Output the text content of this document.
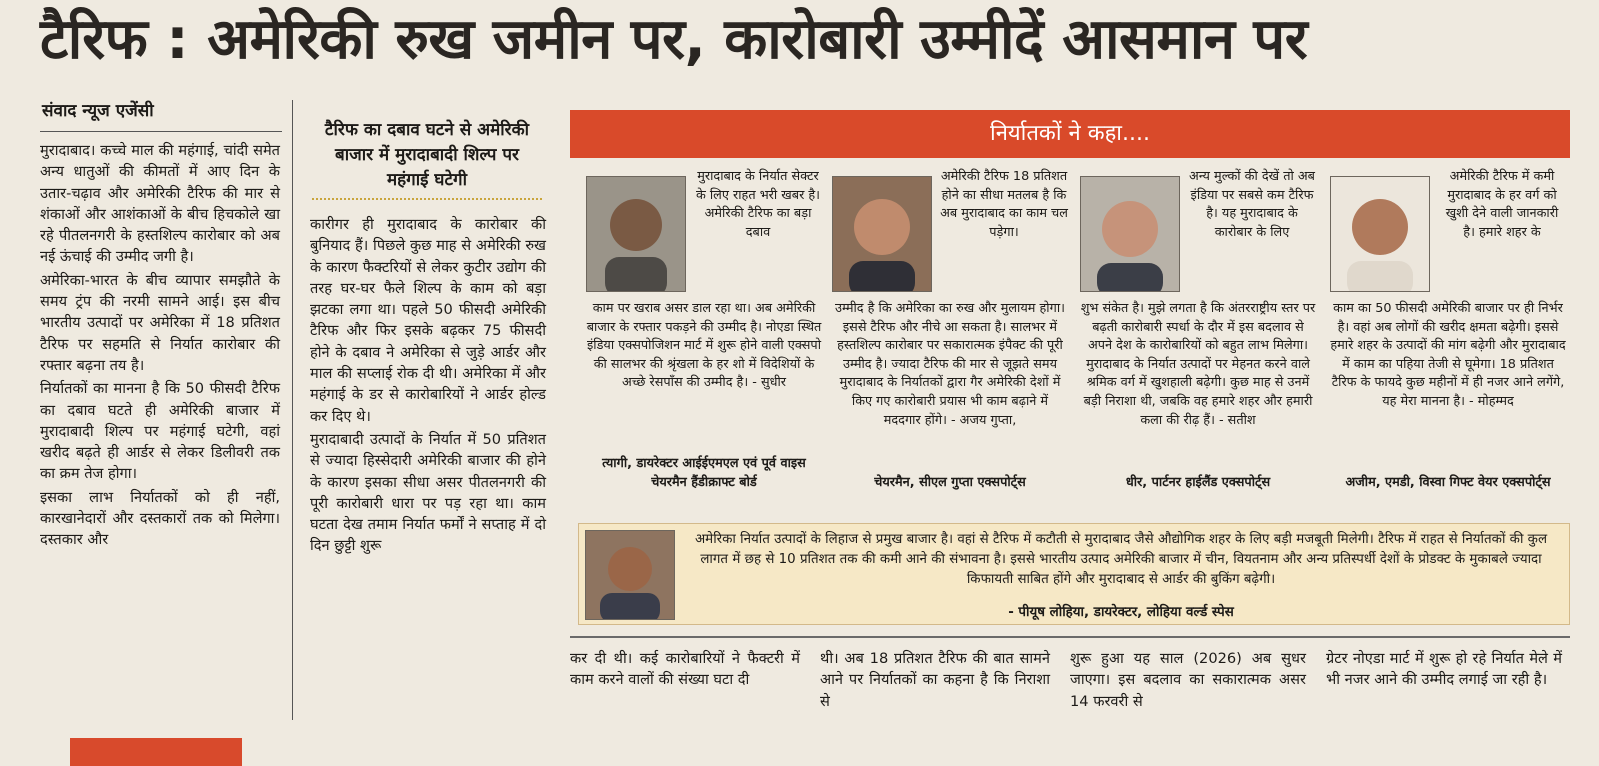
टैरिफ : अमेरिकी रुख जमीन पर, कारोबारी उम्मीदें आसमान पर
संवाद न्यूज एजेंसी

मुरादाबाद। कच्चे माल की महंगाई, चांदी समेत अन्य धातुओं की कीमतों में आए दिन के उतार-चढ़ाव और अमेरिकी टैरिफ की मार से शंकाओं और आशंकाओं के बीच हिचकोले खा रहे पीतलनगरी के हस्तशिल्प कारोबार को अब नई ऊंचाई की उम्मीद जगी है।

अमेरिका-भारत के बीच व्यापार समझौते के समय ट्रंप की नरमी सामने आई। इस बीच भारतीय उत्पादों पर अमेरिका में 18 प्रतिशत टैरिफ पर सहमति से निर्यात कारोबार की रफ्तार बढ़ना तय है।

निर्यातकों का मानना है कि 50 फीसदी टैरिफ का दबाव घटते ही अमेरिकी बाजार में मुरादाबादी शिल्प पर महंगाई घटेगी, वहां खरीद बढ़ते ही आर्डर से लेकर डिलीवरी तक का क्रम तेज होगा।

इसका लाभ निर्यातकों को ही नहीं, कारखानेदारों और दस्तकारों तक को मिलेगा। दस्तकार और

टैरिफ का दबाव घटने से अमेरिकी बाजार में मुरादाबादी शिल्प पर महंगाई घटेगी

कारीगर ही मुरादाबाद के कारोबार की बुनियाद हैं। पिछले कुछ माह से अमेरिकी रुख के कारण फैक्टरियों से लेकर कुटीर उद्योग की तरह घर-घर फैले शिल्प के काम को बड़ा झटका लगा था। पहले 50 फीसदी अमेरिकी टैरिफ और फिर इसके बढ़कर 75 फीसदी होने के दबाव ने अमेरिका से जुड़े आर्डर और माल की सप्लाई रोक दी थी। अमेरिका में और महंगाई के डर से कारोबारियों ने आर्डर होल्ड कर दिए थे।

मुरादाबादी उत्पादों के निर्यात में 50 प्रतिशत से ज्यादा हिस्सेदारी अमेरिकी बाजार की होने के कारण इसका सीधा असर पीतलनगरी की पूरी कारोबारी धारा पर पड़ रहा था। काम घटता देख तमाम निर्यात फर्मों ने सप्ताह में दो दिन छुट्टी शुरू

निर्यातकों ने कहा....
मुरादाबाद के निर्यात सेक्टर के लिए राहत भरी खबर है। अमेरिकी टैरिफ का बड़ा दबाव
काम पर खराब असर डाल रहा था। अब अमेरिकी बाजार के रफ्तार पकड़ने की उम्मीद है। नोएडा स्थित इंडिया एक्सपोजिशन मार्ट में शुरू होने वाली एक्सपो की सालभर की श्रृंखला के हर शो में विदेशियों के अच्छे रेसपॉंस की उम्मीद है। - सुधीर
त्यागी, डायरेक्टर आईईएमएल एवं पूर्व वाइस चेयरमैन हैंडीक्राफ्ट बोर्ड
अमेरिकी टैरिफ 18 प्रतिशत होने का सीधा मतलब है कि अब मुरादाबाद का काम चल पड़ेगा।
उम्मीद है कि अमेरिका का रुख और मुलायम होगा। इससे टैरिफ और नीचे आ सकता है। सालभर में हस्तशिल्प कारोबार पर सकारात्मक इंपैक्ट की पूरी उम्मीद है। ज्यादा टैरिफ की मार से जूझते समय मुरादाबाद के निर्यातकों द्वारा गैर अमेरिकी देशों में किए गए कारोबारी प्रयास भी काम बढ़ाने में मददगार होंगे। - अजय गुप्ता,
चेयरमैन, सीएल गुप्ता एक्सपोर्ट्स
अन्य मुल्कों की देखें तो अब इंडिया पर सबसे कम टैरिफ है। यह मुरादाबाद के कारोबार के लिए
शुभ संकेत है। मुझे लगता है कि अंतरराष्ट्रीय स्तर पर बढ़ती कारोबारी स्पर्धा के दौर में इस बदलाव से अपने देश के कारोबारियों को बहुत लाभ मिलेगा। मुरादाबाद के निर्यात उत्पादों पर मेहनत करने वाले श्रमिक वर्ग में खुशहाली बढ़ेगी। कुछ माह से उनमें बड़ी निराशा थी, जबकि वह हमारे शहर और हमारी कला की रीढ़ हैं। - सतीश
धीर, पार्टनर हाईलैंड एक्सपोर्ट्स
अमेरिकी टैरिफ में कमी मुरादाबाद के हर वर्ग को खुशी देने वाली जानकारी है। हमारे शहर के
काम का 50 फीसदी अमेरिकी बाजार पर ही निर्भर है। वहां अब लोगों की खरीद क्षमता बढ़ेगी। इससे हमारे शहर के उत्पादों की मांग बढ़ेगी और मुरादाबाद में काम का पहिया तेजी से घूमेगा। 18 प्रतिशत टैरिफ के फायदे कुछ महीनों में ही नजर आने लगेंगे, यह मेरा मानना है। - मोहम्मद
अजीम, एमडी, विस्वा गिफ्ट वेयर एक्सपोर्ट्स
अमेरिका निर्यात उत्पादों के लिहाज से प्रमुख बाजार है। वहां से टैरिफ में कटौती से मुरादाबाद जैसे औद्योगिक शहर के लिए बड़ी मजबूती मिलेगी। टैरिफ में राहत से निर्यातकों की कुल लागत में छह से 10 प्रतिशत तक की कमी आने की संभावना है। इससे भारतीय उत्पाद अमेरिकी बाजार में चीन, वियतनाम और अन्य प्रतिस्पर्धी देशों के प्रोडक्ट के मुकाबले ज्यादा किफायती साबित होंगे और मुरादाबाद से आर्डर की बुकिंग बढ़ेगी।
- पीयूष लोहिया, डायरेक्टर, लोहिया वर्ल्ड स्पेस
कर दी थी। कई कारोबारियों ने फैक्टरी में काम करने वालों की संख्या घटा दी
थी। अब 18 प्रतिशत टैरिफ की बात सामने आने पर निर्यातकों का कहना है कि निराशा से
शुरू हुआ यह साल (2026) अब सुधर जाएगा। इस बदलाव का सकारात्मक असर 14 फरवरी से
ग्रेटर नोएडा मार्ट में शुरू हो रहे निर्यात मेले में भी नजर आने की उम्मीद लगाई जा रही है।
